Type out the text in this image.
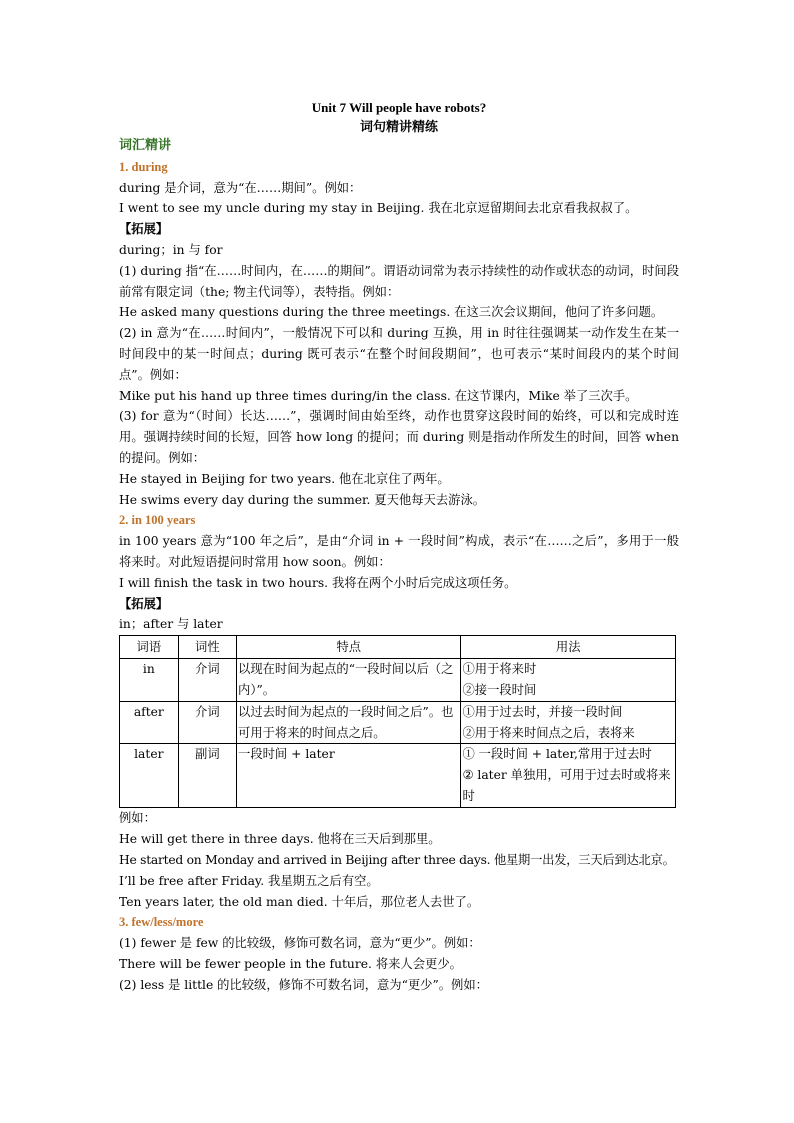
Unit 7 Will people have robots?

词句精讲精练

词汇精讲

1. during

during 是介词，意为“在……期间”。例如：

I went to see my uncle during my stay in Beijing. 我在北京逗留期间去北京看我叔叔了。

【拓展】

during；in 与 for

(1) during 指“在……时间内，在……的期间”。谓语动词常为表示持续性的动作或状态的动词，时间段前常有限定词（the; 物主代词等），表特指。例如：

He asked many questions during the three meetings. 在这三次会议期间，他问了许多问题。

(2) in 意为“在……时间内”，一般情况下可以和 during 互换，用 in 时往往强调某一动作发生在某一时间段中的某一时间点；during 既可表示“在整个时间段期间”，也可表示“某时间段内的某个时间点”。例如：

Mike put his hand up three times during/in the class. 在这节课内，Mike 举了三次手。

(3) for 意为“（时间）长达……”，强调时间由始至终，动作也贯穿这段时间的始终，可以和完成时连用。强调持续时间的长短，回答 how long 的提问；而 during 则是指动作所发生的时间，回答 when 的提问。例如：

He stayed in Beijing for two years. 他在北京住了两年。

He swims every day during the summer. 夏天他每天去游泳。

2. in 100 years

in 100 years 意为“100 年之后”，是由“介词 in + 一段时间”构成，表示“在……之后”，多用于一般将来时。对此短语提问时常用 how soon。例如：

I will finish the task in two hours. 我将在两个小时后完成这项任务。

【拓展】

in；after 与 later

词语	词性	特点	用法
in	介词	以现在时间为起点的“一段时间以后（之内）”。	①用于将来时
②接一段时间
after	介词	以过去时间为起点的一段时间之后”。也可用于将来的时间点之后。	①用于过去时，并接一段时间
②用于将来时间点之后，表将来
later	副词	一段时间 + later	① 一段时间 + later,常用于过去时
② later 单独用，可用于过去时或将来时

例如：

He will get there in three days. 他将在三天后到那里。

He started on Monday and arrived in Beijing after three days. 他星期一出发，三天后到达北京。

I’ll be free after Friday. 我星期五之后有空。

Ten years later, the old man died. 十年后，那位老人去世了。

3. few/less/more

(1) fewer 是 few 的比较级，修饰可数名词，意为“更少”。例如：

There will be fewer people in the future. 将来人会更少。

(2) less 是 little 的比较级，修饰不可数名词，意为“更少”。例如：
